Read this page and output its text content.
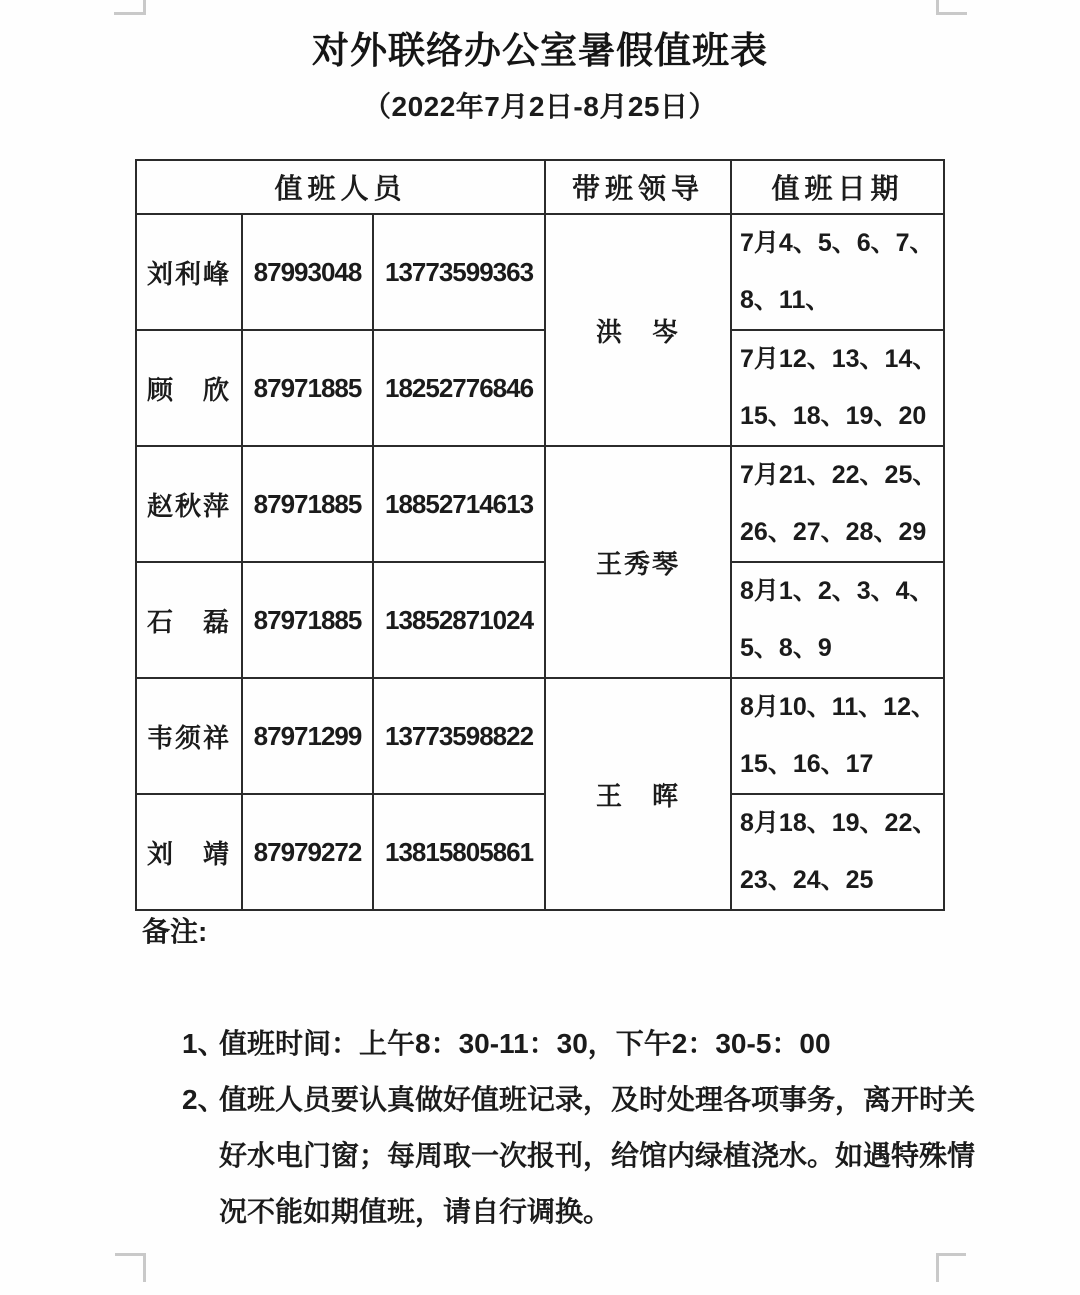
对外联络办公室暑假值班表
（2022年7月2日-8月25日）
值班人员			带班领导	值班日期
刘利峰	87993048	13773599363	洪　岑	7月4、5、6、7、8、11、
顾　欣	87971885	18252776846		7月12、13、14、15、18、19、20
赵秋萍	87971885	18852714613	王秀琴	7月21、22、25、26、27、28、29
石　磊	87971885	13852871024		8月1、2、3、4、5、8、9
韦须祥	87971299	13773598822	王　晖	8月10、11、12、15、16、17
刘　靖	87979272	13815805861		8月18、19、22、23、24、25
备注:
1、值班时间：上午8：30-11：30，下午2：30-5：00
2、值班人员要认真做好值班记录，及时处理各项事务，离开时关好水电门窗；每周取一次报刊，给馆内绿植浇水。如遇特殊情况不能如期值班，请自行调换。
